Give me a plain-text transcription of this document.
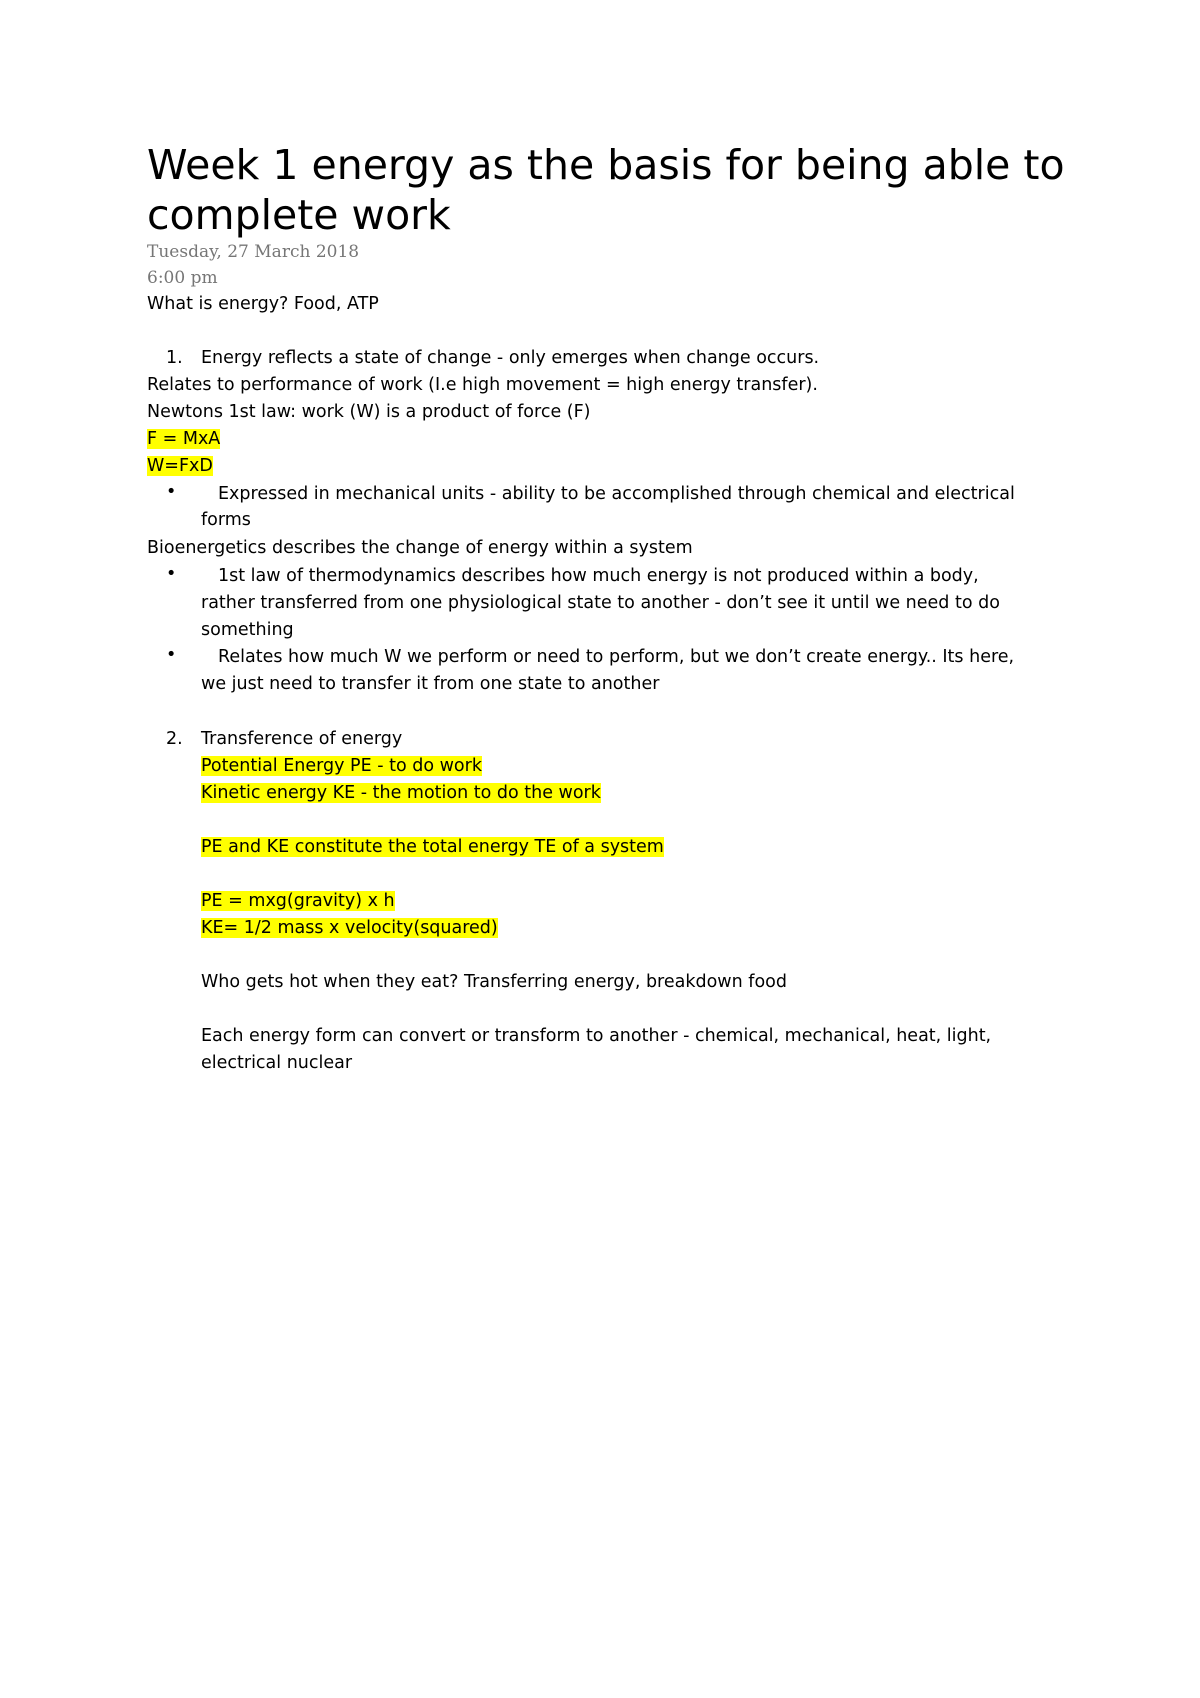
Week 1 energy as the basis for being able to complete work
Tuesday, 27 March 2018
6:00 pm
What is energy? Food, ATP
1. Energy reflects a state of change - only emerges when change occurs.
Relates to performance of work (I.e high movement = high energy transfer).
Newtons 1st law: work (W) is a product of force (F)
F = MxA
W=FxD
• Expressed in mechanical units - ability to be accomplished through chemical and electrical
forms
Bioenergetics describes the change of energy within a system
• 1st law of thermodynamics describes how much energy is not produced within a body,
rather transferred from one physiological state to another - don’t see it until we need to do
something
• Relates how much W we perform or need to perform, but we don’t create energy.. Its here,
we just need to transfer it from one state to another
2. Transference of energy
Potential Energy PE - to do work
Kinetic energy KE - the motion to do the work
PE and KE constitute the total energy TE of a system
PE = mxg(gravity) x h
KE= 1/2 mass x velocity(squared)
Who gets hot when they eat? Transferring energy, breakdown food
Each energy form can convert or transform to another - chemical, mechanical, heat, light,
electrical nuclear
